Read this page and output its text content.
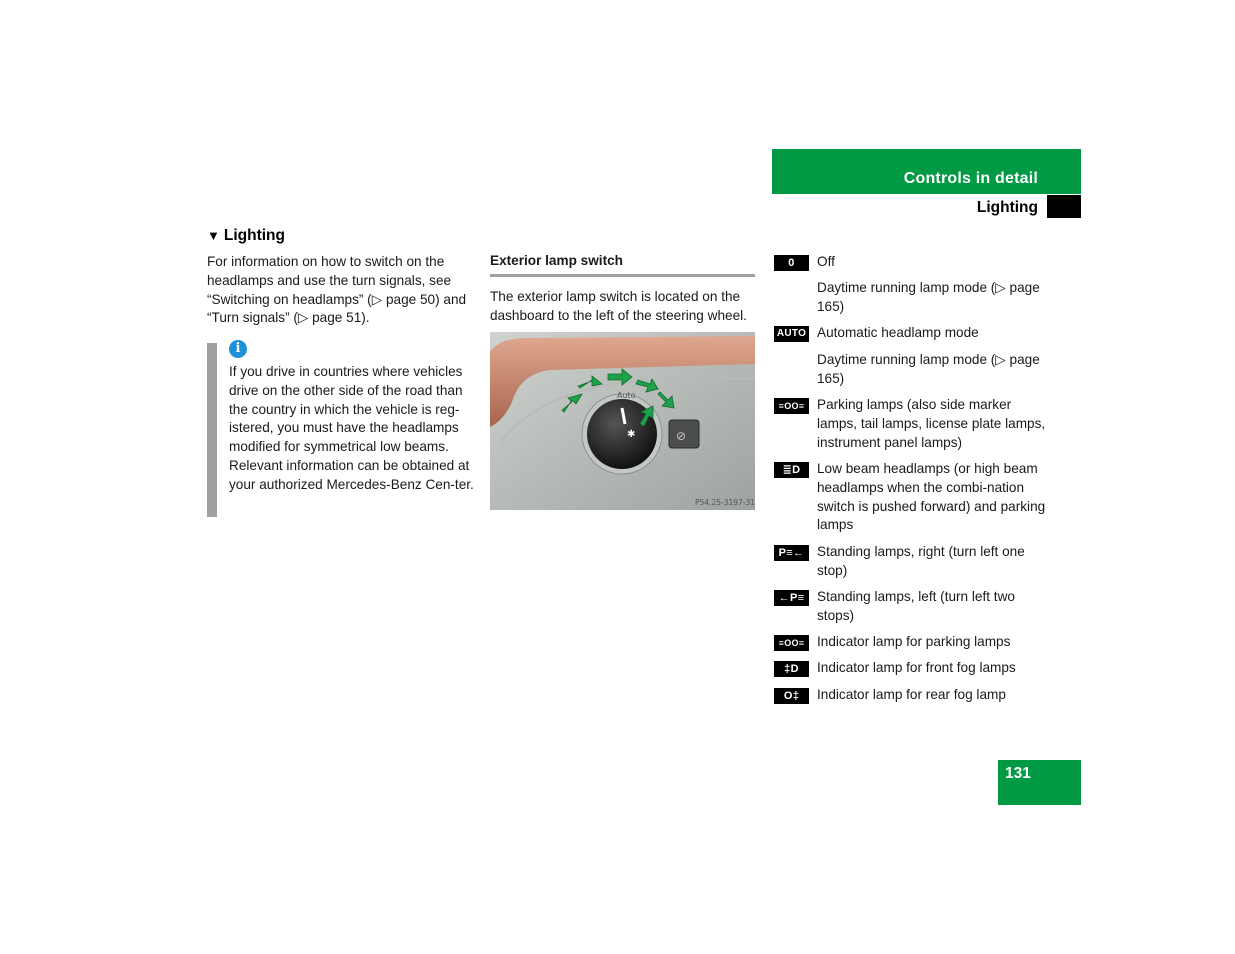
Controls in detail
Lighting
▼ Lighting
For information on how to switch on the headlamps and use the turn signals, see “Switching on headlamps” (▷ page 50) and “Turn signals” (▷ page 51).
i
If you drive in countries where vehicles drive on the other side of the road than the country in which the vehicle is reg-istered, you must have the headlamps modified for symmetrical low beams. Relevant information can be obtained at your authorized Mercedes-Benz Cen-ter.
Exterior lamp switch
The exterior lamp switch is located on the dashboard to the left of the steering wheel.
✱
Auto
⊘
P54.25-3197-31
0	Off
Daytime running lamp mode (▷ page 165)
AUTO Automatic headlamp mode
Daytime running lamp mode (▷ page 165)
≡OO≡ Parking lamps (also side marker lamps, tail lamps, license plate lamps, instrument panel lamps)
≣D	Low beam headlamps (or high beam headlamps when the combi-nation switch is pushed forward) and parking lamps
P≡← Standing lamps, right (turn left one stop)
←P≡ Standing lamps, left (turn left two stops)
≡OO≡ Indicator lamp for parking lamps
‡D	Indicator lamp for front fog lamps
O‡	Indicator lamp for rear fog lamp
131
